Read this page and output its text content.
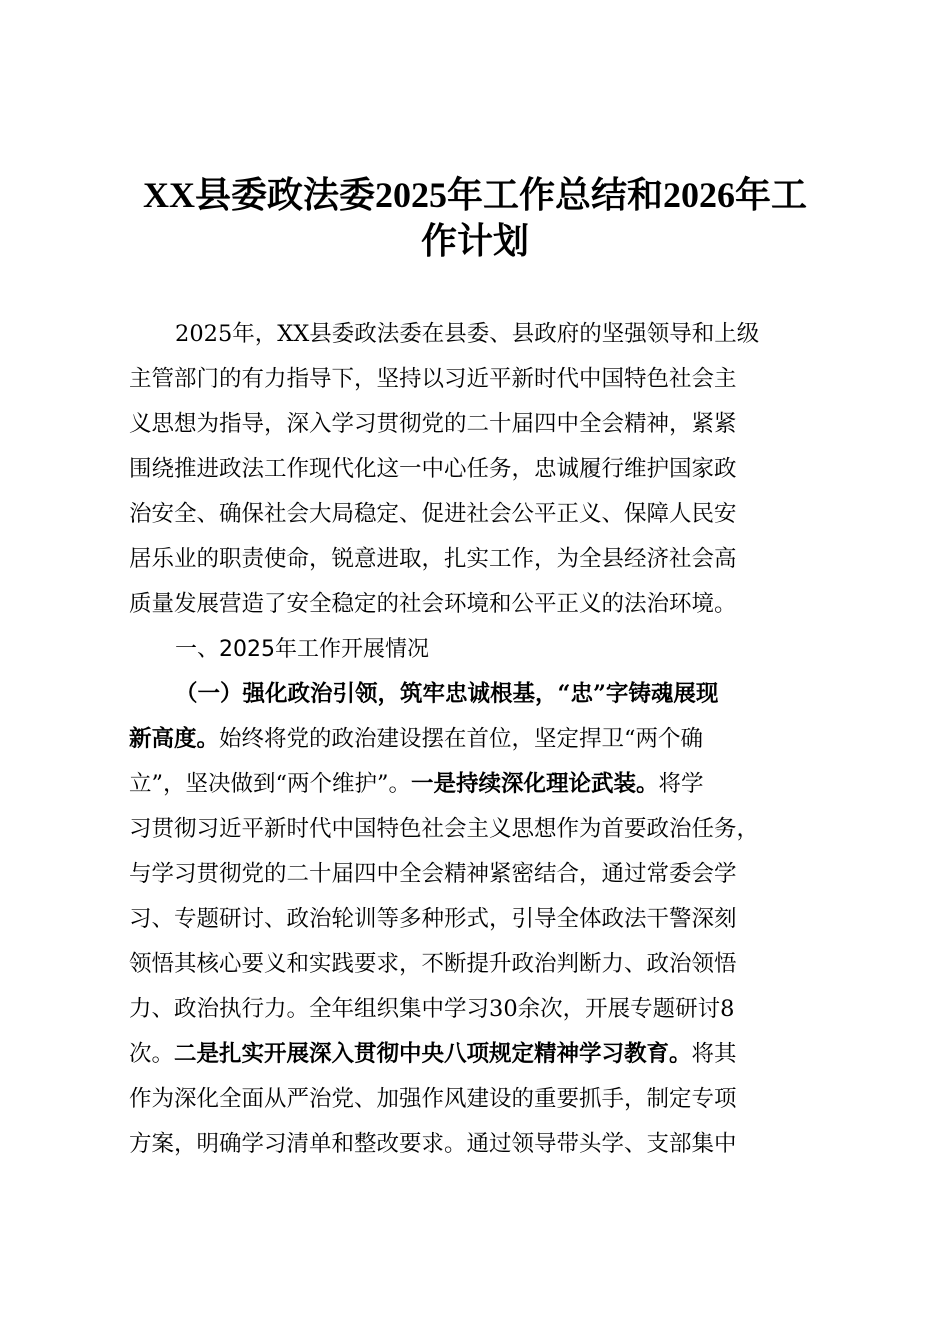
XX县委政法委2025年工作总结和2026年工
作计划

2025年，XX县委政法委在县委、县政府的坚强领导和上级

主管部门的有力指导下，坚持以习近平新时代中国特色社会主

义思想为指导，深入学习贯彻党的二十届四中全会精神，紧紧

围绕推进政法工作现代化这一中心任务，忠诚履行维护国家政

治安全、确保社会大局稳定、促进社会公平正义、保障人民安

居乐业的职责使命，锐意进取，扎实工作，为全县经济社会高

质量发展营造了安全稳定的社会环境和公平正义的法治环境。

一、2025年工作开展情况

（一）强化政治引领，筑牢忠诚根基，“忠”字铸魂展现

新高度。始终将党的政治建设摆在首位，坚定捍卫“两个确

立”，坚决做到“两个维护”。一是持续深化理论武装。将学

习贯彻习近平新时代中国特色社会主义思想作为首要政治任务，

与学习贯彻党的二十届四中全会精神紧密结合，通过常委会学

习、专题研讨、政治轮训等多种形式，引导全体政法干警深刻

领悟其核心要义和实践要求，不断提升政治判断力、政治领悟

力、政治执行力。全年组织集中学习30余次，开展专题研讨8

次。二是扎实开展深入贯彻中央八项规定精神学习教育。将其

作为深化全面从严治党、加强作风建设的重要抓手，制定专项

方案，明确学习清单和整改要求。通过领导带头学、支部集中
